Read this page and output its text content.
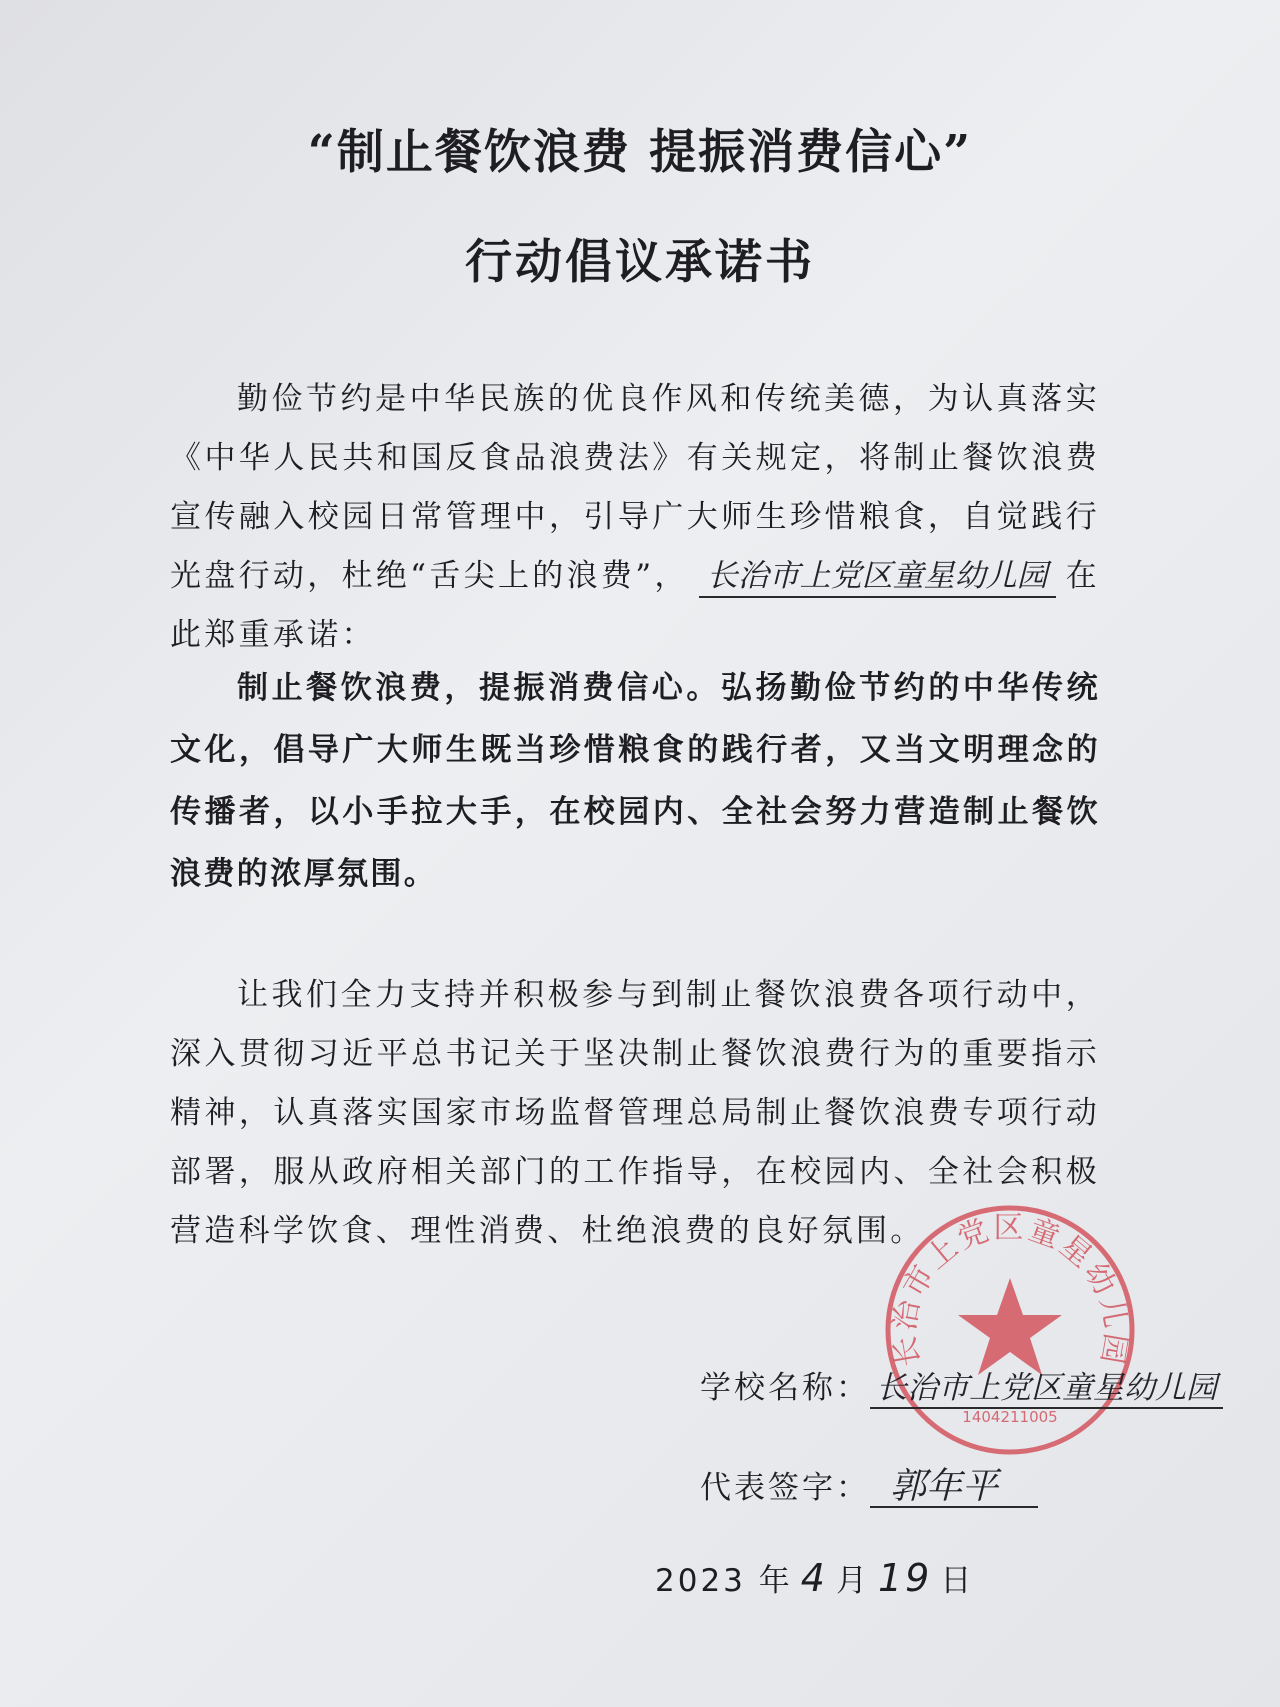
“制止餐饮浪费 提振消费信心”
行动倡议承诺书

勤俭节约是中华民族的优良作风和传统美德，为认真落实《中华人民共和国反食品浪费法》有关规定，将制止餐饮浪费宣传融入校园日常管理中，引导广大师生珍惜粮食，自觉践行光盘行动，杜绝“舌尖上的浪费”， 长治市上党区童星幼儿园 在此郑重承诺：

制止餐饮浪费，提振消费信心。弘扬勤俭节约的中华传统文化，倡导广大师生既当珍惜粮食的践行者，又当文明理念的传播者，以小手拉大手，在校园内、全社会努力营造制止餐饮浪费的浓厚氛围。

让我们全力支持并积极参与到制止餐饮浪费各项行动中，深入贯彻习近平总书记关于坚决制止餐饮浪费行为的重要指示精神，认真落实国家市场监督管理总局制止餐饮浪费专项行动部署，服从政府相关部门的工作指导，在校园内、全社会积极营造科学饮食、理性消费、杜绝浪费的良好氛围。

长治市上党区童星幼儿园
1404211005
学校名称： 长治市上党区童星幼儿园
代表签字： 郭年平
2023 年 4 月 19 日
